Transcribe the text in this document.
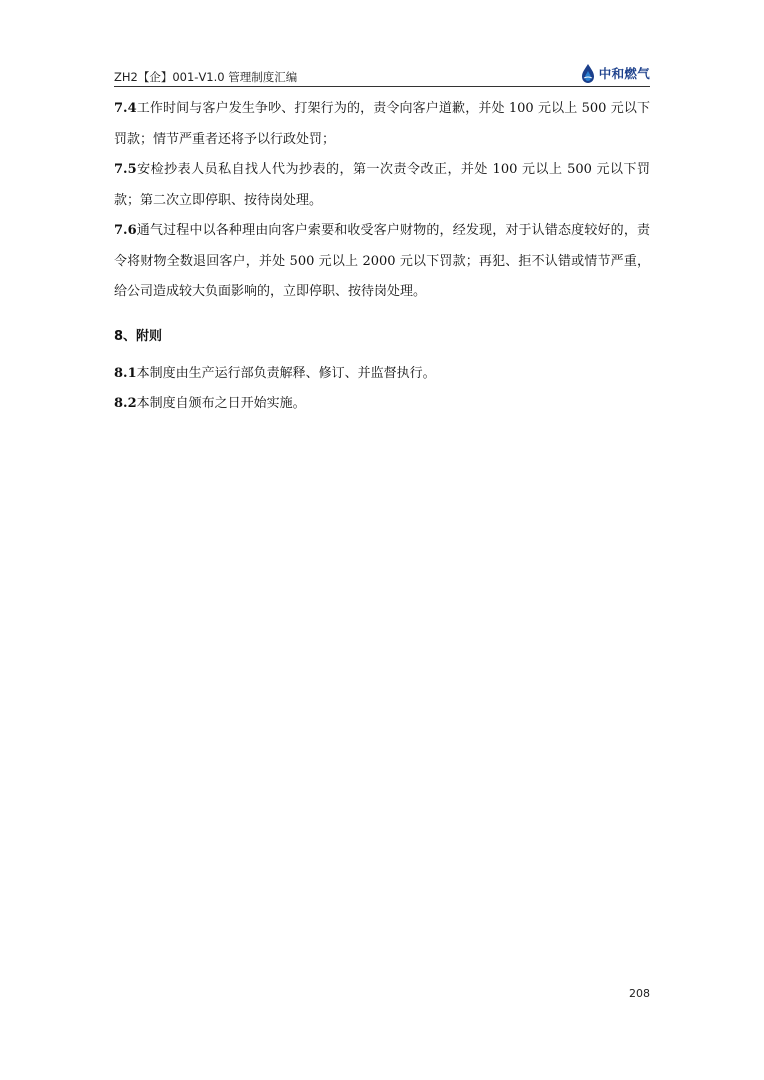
ZH2【企】001-V1.0 管理制度汇编	中和燃气

7.4工作时间与客户发生争吵、打架行为的，责令向客户道歉，并处 100 元以上 500 元以下罚款；情节严重者还将予以行政处罚；

7.5安检抄表人员私自找人代为抄表的，第一次责令改正，并处 100 元以上 500 元以下罚款；第二次立即停职、按待岗处理。

7.6通气过程中以各种理由向客户索要和收受客户财物的，经发现，对于认错态度较好的，责令将财物全数退回客户，并处 500 元以上 2000 元以下罚款；再犯、拒不认错或情节严重，给公司造成较大负面影响的，立即停职、按待岗处理。

8、附则

8.1本制度由生产运行部负责解释、修订、并监督执行。

8.2本制度自颁布之日开始实施。

208
